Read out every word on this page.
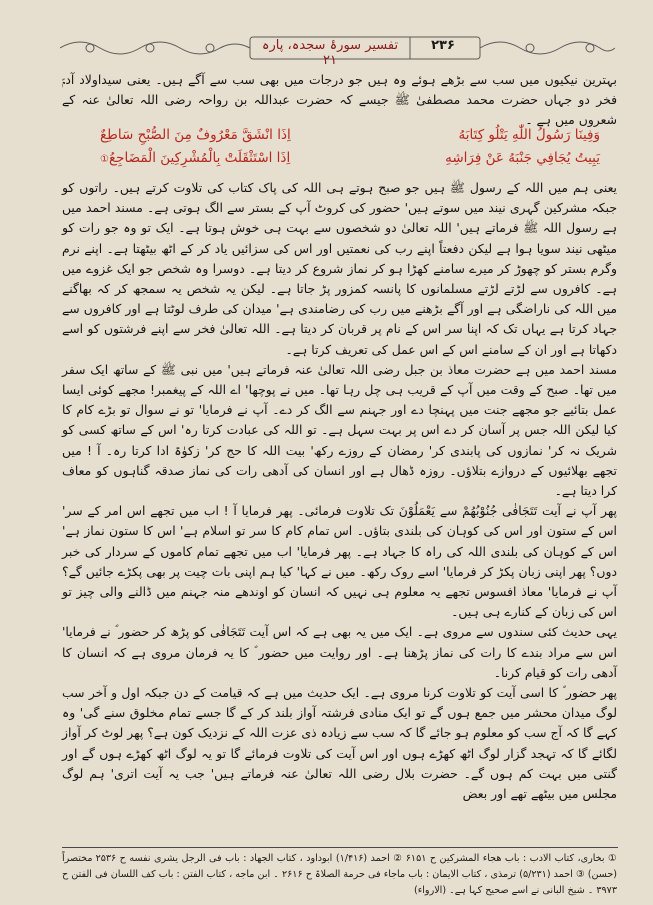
۲۳۶
تفسیر سورۂ سجدہ، پارہ ۲۱

بہترین نیکیوں میں سب سے بڑھے ہوئے وہ ہیں جو درجات میں بھی سب سے آگے ہیں۔ یعنی سیداولاد آدمؑ فخر دو جہاں حضرت محمد مصطفیٰ ﷺ جیسے کہ حضرت عبداللہ بن رواحہ رضی اللہ تعالیٰ عنہ کے شعروں میں ہے ۔

وَفِينَا رَسُولُ اللّٰهِ يَتْلُو كِتَابَهُ
اِذَا انْشَقَّ مَعْرُوفٌ مِنَ الصُّبْحِ سَاطِعٌ
يَبِيتُ يُجَافِي جَنْبَهُ عَنْ فِرَاشِهِ
اِذَا اسْتَثْقَلَتْ بِالْمُشْرِكِينَ الْمَضَاجِعُ①

یعنی ہم میں اللہ کے رسول ﷺ ہیں جو صبح ہوتے ہی اللہ کی پاک کتاب کی تلاوت کرتے ہیں۔ راتوں کو جبکہ مشرکین گہری نیند میں سوتے ہیں' حضور کی کروٹ آپ کے بستر سے الگ ہوتی ہے۔ مسند احمد میں ہے رسول اللہ ﷺ فرماتے ہیں' اللہ تعالیٰ دو شخصوں سے بہت ہی خوش ہوتا ہے۔ ایک تو وہ جو رات کو میٹھی نیند سویا ہوا ہے لیکن دفعتاً اپنے رب کی نعمتیں اور اس کی سزائیں یاد کر کے اٹھ بیٹھتا ہے۔ اپنے نرم وگرم بستر کو چھوڑ کر میرے سامنے کھڑا ہو کر نماز شروع کر دیتا ہے۔ دوسرا وہ شخص جو ایک غزوے میں ہے۔ کافروں سے لڑتے لڑتے مسلمانوں کا پانسہ کمزور پڑ جاتا ہے۔ لیکن یہ شخص یہ سمجھ کر کہ بھاگنے میں اللہ کی ناراضگی ہے اور آگے بڑھنے میں رب کی رضامندی ہے' میدان کی طرف لوٹتا ہے اور کافروں سے جہاد کرتا ہے یہاں تک کہ اپنا سر اس کے نام پر قربان کر دیتا ہے۔ اللہ تعالیٰ فخر سے اپنے فرشتوں کو اسے دکھاتا ہے اور ان کے سامنے اس کے اس عمل کی تعریف کرتا ہے۔

مسند احمد میں ہے حضرت معاذ بن جبل رضی اللہ تعالیٰ عنہ فرماتے ہیں' میں نبی ﷺ کے ساتھ ایک سفر میں تھا۔ صبح کے وقت میں آپ کے قریب ہی چل رہا تھا۔ میں نے پوچھا' اے اللہ کے پیغمبر! مجھے کوئی ایسا عمل بتائیے جو مجھے جنت میں پہنچا دے اور جہنم سے الگ کر دے۔ آپ نے فرمایا' تو نے سوال تو بڑے کام کا کیا لیکن اللہ جس پر آسان کر دے اس پر بہت سہل ہے۔ تو اللہ کی عبادت کرتا رہ' اس کے ساتھ کسی کو شریک نہ کر' نمازوں کی پابندی کر' رمضان کے روزے رکھ' بیت اللہ کا حج کر' زکوٰۃ ادا کرتا رہ۔ آ ! میں تجھے بھلائیوں کے دروازے بتلاؤں۔ روزہ ڈھال ہے اور انسان کی آدھی رات کی نماز صدقہ گناہوں کو معاف کرا دیتا ہے۔

پھر آپ نے آیت تَتَجَافٰی جُنُوْبُهُمْ سے یَعْمَلُوْنَ تک تلاوت فرمائی۔ پھر فرمایا آ ! اب میں تجھے اس امر کے سر' اس کے ستون اور اس کی کوہان کی بلندی بتاؤں۔ اس تمام کام کا سر تو اسلام ہے' اس کا ستون نماز ہے' اس کے کوہان کی بلندی اللہ کی راہ کا جہاد ہے۔ پھر فرمایا' اب میں تجھے تمام کاموں کے سردار کی خبر دوں؟ پھر اپنی زبان پکڑ کر فرمایا' اسے روک رکھ۔ میں نے کہا' کیا ہم اپنی بات چیت پر بھی پکڑے جائیں گے؟ آپ نے فرمایا' معاذ افسوس تجھے یہ معلوم ہی نہیں کہ انسان کو اوندھے منہ جہنم میں ڈالنے والی چیز تو اس کی زبان کے کنارے ہی ہیں۔

یہی حدیث کئی سندوں سے مروی ہے۔ ایک میں یہ بھی ہے کہ اس آیت تَتَجَافٰی کو پڑھ کر حضور ؐ نے فرمایا' اس سے مراد بندے کا رات کی نماز پڑھنا ہے۔ اور روایت میں حضور ؐ کا یہ فرمان مروی ہے کہ انسان کا آدھی رات کو قیام کرنا۔

پھر حضور ؐ کا اسی آیت کو تلاوت کرنا مروی ہے۔ ایک حدیث میں ہے کہ قیامت کے دن جبکہ اول و آخر سب لوگ میدان محشر میں جمع ہوں گے تو ایک منادی فرشتہ آواز بلند کر کے گا جسے تمام مخلوق سنے گی' وہ کہے گا کہ آج سب کو معلوم ہو جائے گا کہ سب سے زیادہ ذی عزت اللہ کے نزدیک کون ہے؟ پھر لوٹ کر آواز لگائے گا کہ تہجد گزار لوگ اٹھ کھڑے ہوں اور اس آیت کی تلاوت فرمائے گا تو یہ لوگ اٹھ کھڑے ہوں گے اور گنتی میں بہت کم ہوں گے۔ حضرت بلال رضی اللہ تعالیٰ عنہ فرماتے ہیں' جب یہ آیت اتری' ہم لوگ مجلس میں بیٹھے تھے اور بعض

① بخاری، کتاب الادب : باب ھجاء المشرکین ح ۶۱۵۱ ② احمد (۱/۴۱۶) ابوداود ، کتاب الجھاد : باب فی الرجل یشری نفسه ح ۲۵۳۶ مختصراً (حسن) ③ احمد (۵/۲۳۱) ترمذی ، کتاب الایمان : باب ماجاء فی حرمة الصلاۃ ح ۲۶۱۶ ۔ ابن ماجه ، کتاب الفتن : باب کف اللسان فی الفتن ح ۳۹۷۳ ۔ شیخ البانی نے اسے صحیح کہا ہے۔ (الارواء)
